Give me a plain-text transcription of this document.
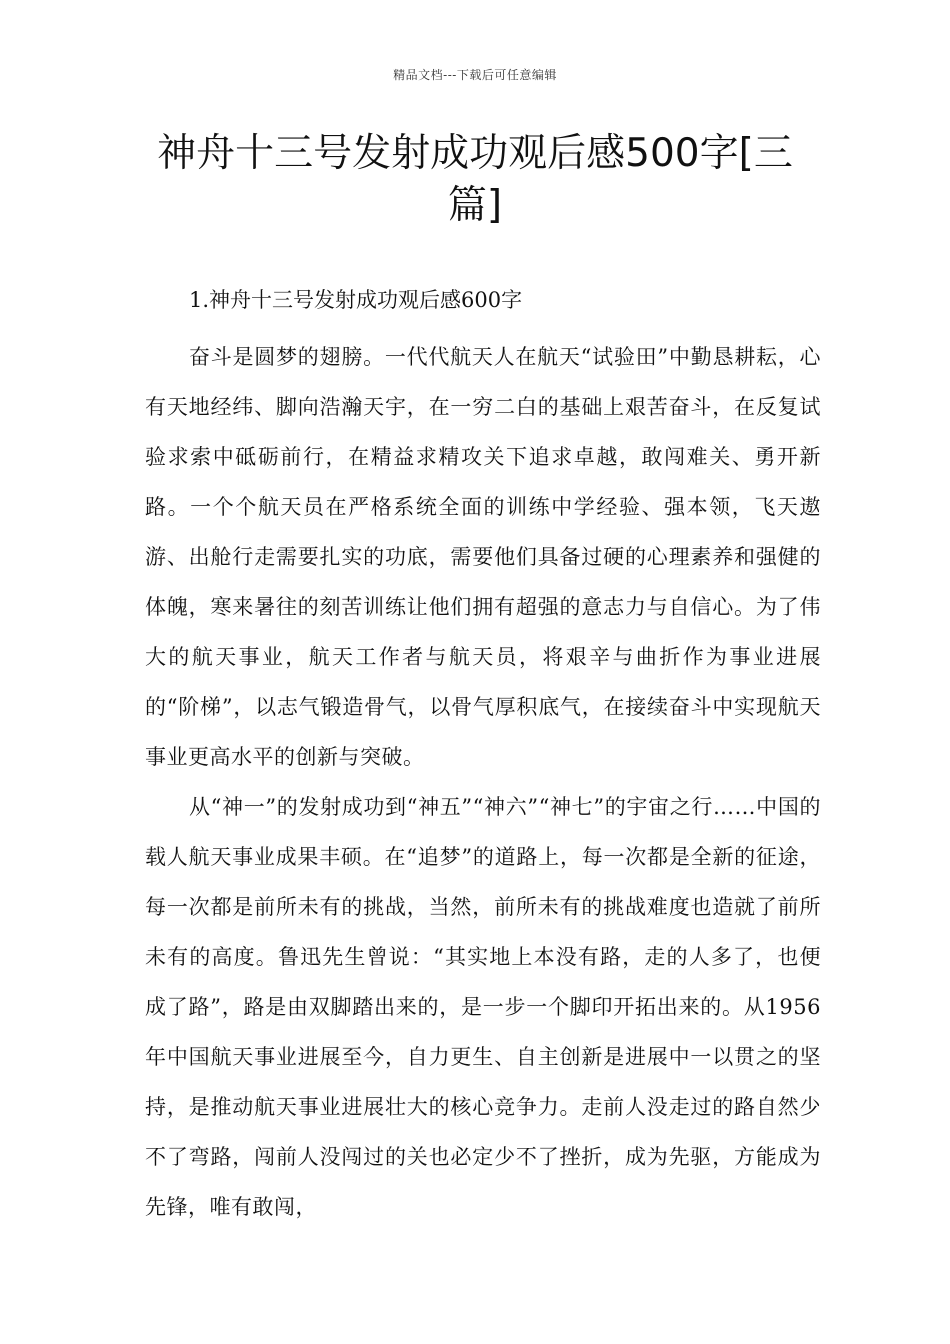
精品文档---下载后可任意编辑
神舟十三号发射成功观后感500字[三篇]
1.神舟十三号发射成功观后感600字

奋斗是圆梦的翅膀。一代代航天人在航天“试验田”中勤恳耕耘，心有天地经纬、脚向浩瀚天宇，在一穷二白的基础上艰苦奋斗，在反复试验求索中砥砺前行，在精益求精攻关下追求卓越，敢闯难关、勇开新路。一个个航天员在严格系统全面的训练中学经验、强本领，飞天遨游、出舱行走需要扎实的功底，需要他们具备过硬的心理素养和强健的体魄，寒来暑往的刻苦训练让他们拥有超强的意志力与自信心。为了伟大的航天事业，航天工作者与航天员，将艰辛与曲折作为事业进展的“阶梯”，以志气锻造骨气，以骨气厚积底气，在接续奋斗中实现航天事业更高水平的创新与突破。

从“神一”的发射成功到“神五”“神六”“神七”的宇宙之行……中国的载人航天事业成果丰硕。在“追梦”的道路上，每一次都是全新的征途，每一次都是前所未有的挑战，当然，前所未有的挑战难度也造就了前所未有的高度。鲁迅先生曾说：“其实地上本没有路，走的人多了，也便成了路”，路是由双脚踏出来的，是一步一个脚印开拓出来的。从1956年中国航天事业进展至今，自力更生、自主创新是进展中一以贯之的坚持，是推动航天事业进展壮大的核心竞争力。走前人没走过的路自然少不了弯路，闯前人没闯过的关也必定少不了挫折，成为先驱，方能成为先锋，唯有敢闯，
